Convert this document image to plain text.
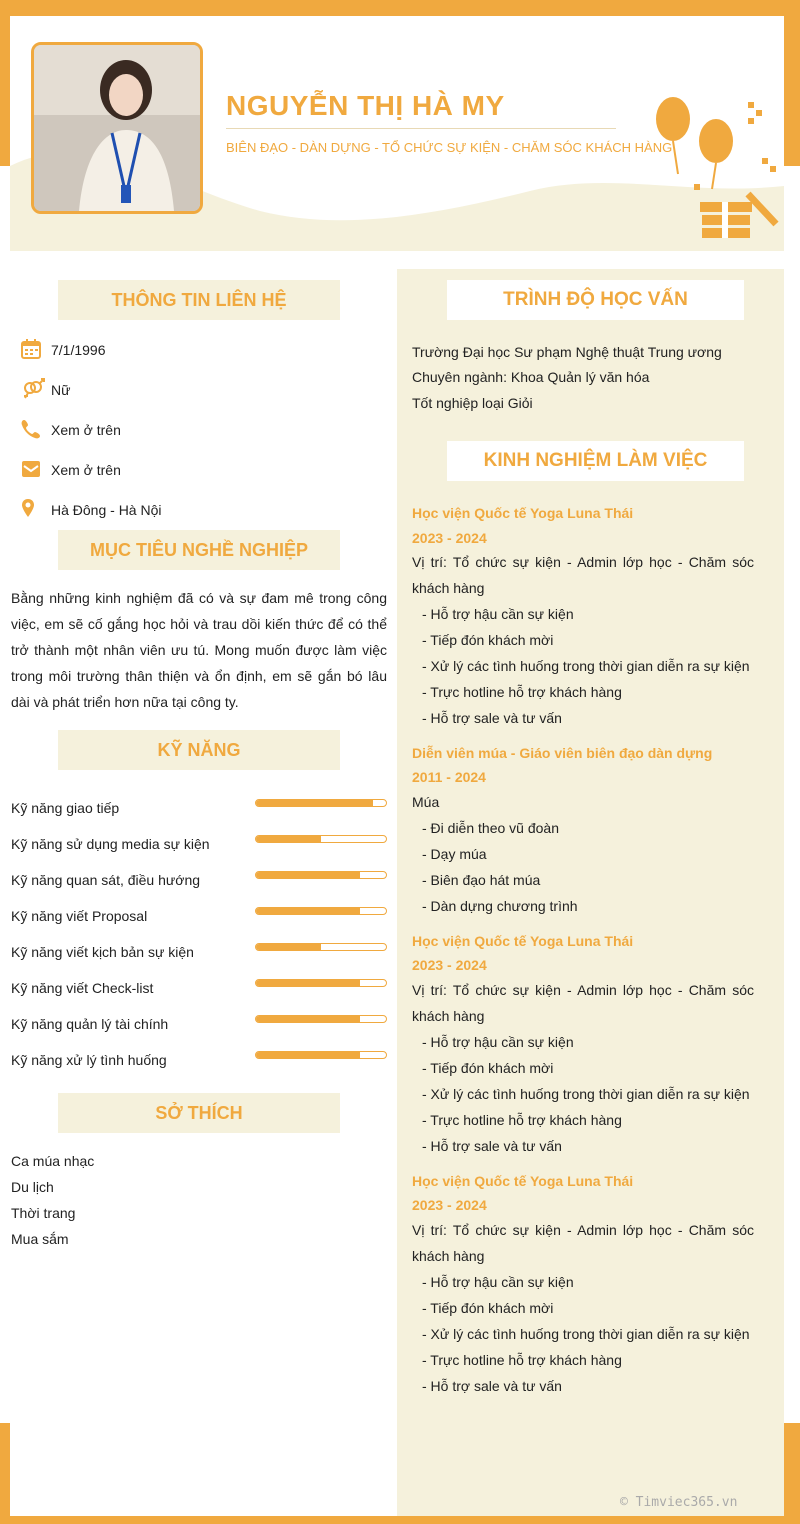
NGUYỄN THỊ HÀ MY
BIÊN ĐẠO - DÀN DỰNG - TỔ CHỨC SỰ KIỆN - CHĂM SÓC KHÁCH HÀNG
THÔNG TIN LIÊN HỆ
7/1/1996
Nữ
Xem ở trên
Xem ở trên
Hà Đông - Hà Nội
MỤC TIÊU NGHỀ NGHIỆP
Bằng những kinh nghiệm đã có và sự đam mê trong công việc, em sẽ cố gắng học hỏi và trau dồi kiến thức để có thể trở thành một nhân viên ưu tú. Mong muốn được làm việc trong môi trường thân thiện và ổn định, em sẽ gắn bó lâu dài và phát triển hơn nữa tại công ty.
KỸ NĂNG
Kỹ năng giao tiếp
Kỹ năng sử dụng media sự kiện
Kỹ năng quan sát, điều hướng
Kỹ năng viết Proposal
Kỹ năng viết kịch bản sự kiện
Kỹ năng viết Check-list
Kỹ năng quản lý tài chính
Kỹ năng xử lý tình huống
SỞ THÍCH
Ca múa nhạc
Du lịch
Thời trang
Mua sắm
TRÌNH ĐỘ HỌC VẤN
Trường Đại học Sư phạm Nghệ thuật Trung ương
Chuyên ngành: Khoa Quản lý văn hóa
Tốt nghiệp loại Giỏi
KINH NGHIỆM LÀM VIỆC
Học viện Quốc tế Yoga Luna Thái
2023 - 2024
Vị trí: Tổ chức sự kiện - Admin lớp học - Chăm sóc
khách hàng
- Hỗ trợ hậu cần sự kiện
- Tiếp đón khách mời
- Xử lý các tình huống trong thời gian diễn ra sự kiện
- Trực hotline hỗ trợ khách hàng
- Hỗ trợ sale và tư vấn
Diễn viên múa - Giáo viên biên đạo dàn dựng
2011 - 2024
Múa
- Đi diễn theo vũ đoàn
- Dạy múa
- Biên đạo hát múa
- Dàn dựng chương trình
Học viện Quốc tế Yoga Luna Thái
2023 - 2024
Vị trí: Tổ chức sự kiện - Admin lớp học - Chăm sóc
khách hàng
- Hỗ trợ hậu cần sự kiện
- Tiếp đón khách mời
- Xử lý các tình huống trong thời gian diễn ra sự kiện
- Trực hotline hỗ trợ khách hàng
- Hỗ trợ sale và tư vấn
Học viện Quốc tế Yoga Luna Thái
2023 - 2024
Vị trí: Tổ chức sự kiện - Admin lớp học - Chăm sóc
khách hàng
- Hỗ trợ hậu cần sự kiện
- Tiếp đón khách mời
- Xử lý các tình huống trong thời gian diễn ra sự kiện
- Trực hotline hỗ trợ khách hàng
- Hỗ trợ sale và tư vấn
© Timviec365.vn
